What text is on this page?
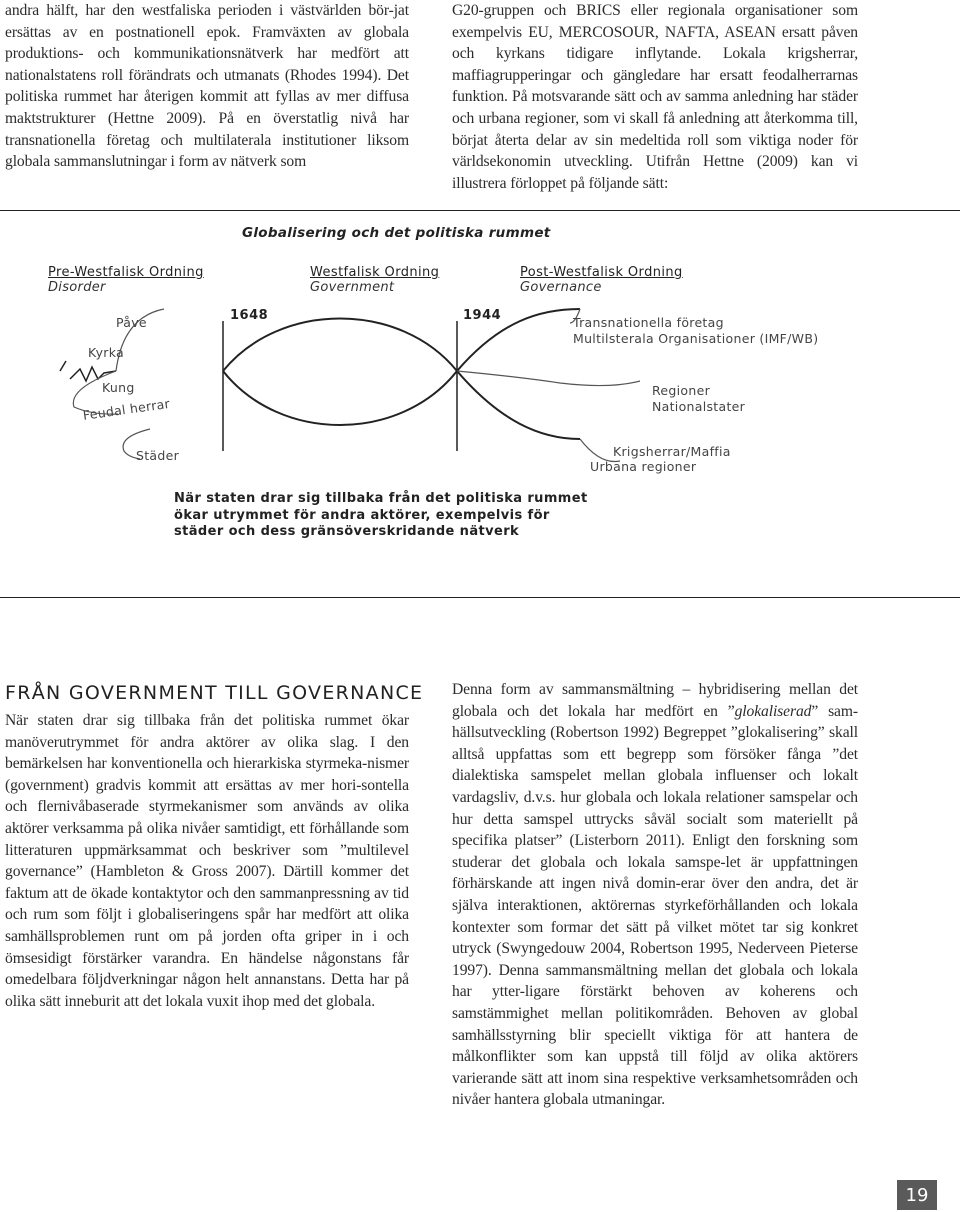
andra hälft, har den westfaliska perioden i västvärlden bör-jat ersättas av en postnationell epok. Framväxten av globala produktions- och kommunikationsnätverk har medfört att nationalstatens roll förändrats och utmanats (Rhodes 1994). Det politiska rummet har återigen kommit att fyllas av mer diffusa maktstrukturer (Hettne 2009). På en överstatlig nivå har transnationella företag och multilaterala institutioner liksom globala sammanslutningar i form av nätverk som

G20-gruppen och BRICS eller regionala organisationer som exempelvis EU, MERCOSOUR, NAFTA, ASEAN ersatt påven och kyrkans tidigare inflytande. Lokala krigsherrar, maffiagrupperingar och gängledare har ersatt feodalherrarnas funktion. På motsvarande sätt och av samma anledning har städer och urbana regioner, som vi skall få anledning att återkomma till, börjat återta delar av sin medeltida roll som viktiga noder för världsekonomin utveckling. Utifrån Hettne (2009) kan vi illustrera förloppet på följande sätt:

Globalisering och det politiska rummet
Pre-Westfalisk Ordning
Disorder
Westfalisk Ordning
Government
Post-Westfalisk Ordning
Governance
1648	1944
Påve
Kyrka
Kung
Feudal herrar
Städer
Transnationella företag
Multilsterala Organisationer (IMF/WB)
Regioner
Nationalstater
Krigsherrar/Maffia
Urbana regioner
När staten drar sig tillbaka från det politiska rummet ökar utrymmet för andra aktörer, exempelvis för städer och dess gränsöverskridande nätverk
FRÅN GOVERNMENT TILL GOVERNANCE

När staten drar sig tillbaka från det politiska rummet ökar manöverutrymmet för andra aktörer av olika slag. I den bemärkelsen har konventionella och hierarkiska styrmeka-nismer (government) gradvis kommit att ersättas av mer hori-sontella och flernivåbaserade styrmekanismer som används av olika aktörer verksamma på olika nivåer samtidigt, ett förhållande som litteraturen uppmärksammat och beskriver som ”multilevel governance” (Hambleton & Gross 2007). Därtill kommer det faktum att de ökade kontaktytor och den sammanpressning av tid och rum som följt i globaliseringens spår har medfört att olika samhällsproblemen runt om på jorden ofta griper in i och ömsesidigt förstärker varandra. En händelse någonstans får omedelbara följdverkningar någon helt annanstans. Detta har på olika sätt inneburit att det lokala vuxit ihop med det globala.

Denna form av sammansmältning – hybridisering mellan det globala och det lokala har medfört en ”glokaliserad” sam-hällsutveckling (Robertson 1992) Begreppet ”glokalisering” skall alltså uppfattas som ett begrepp som försöker fånga ”det dialektiska samspelet mellan globala influenser och lokalt vardagsliv, d.v.s. hur globala och lokala relationer samspelar och hur detta samspel uttrycks såväl socialt som materiellt på specifika platser” (Listerborn 2011). Enligt den forskning som studerar det globala och lokala samspe-let är uppfattningen förhärskande att ingen nivå domin-erar över den andra, det är själva interaktionen, aktörernas styrkeförhållanden och lokala kontexter som formar det sätt på vilket mötet tar sig konkret utryck (Swyngedouw 2004, Robertson 1995, Nederveen Pieterse 1997). Denna sammansmältning mellan det globala och lokala har ytter-ligare förstärkt behoven av koherens och samstämmighet mellan politikområden. Behoven av global samhällsstyrning blir speciellt viktiga för att hantera de målkonflikter som kan uppstå till följd av olika aktörers varierande sätt att inom sina respektive verksamhetsområden och nivåer hantera globala utmaningar.

19
